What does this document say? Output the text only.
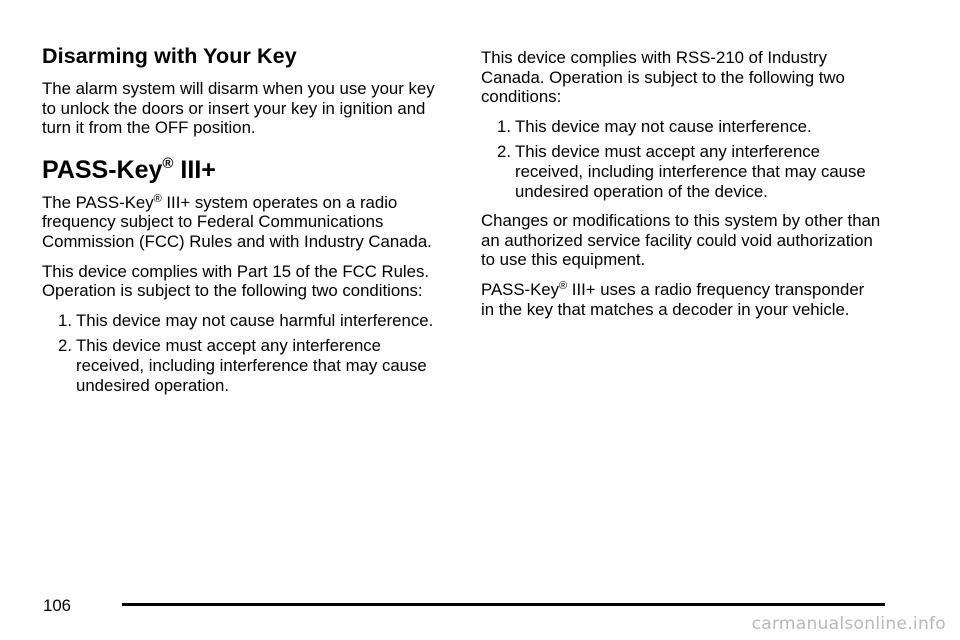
Disarming with Your Key

The alarm system will disarm when you use your key to unlock the doors or insert your key in ignition and turn it from the OFF position.

PASS-Key® III+

The PASS-Key® III+ system operates on a radio frequency subject to Federal Communications Commission (FCC) Rules and with Industry Canada.

This device complies with Part 15 of the FCC Rules. Operation is subject to the following two conditions:

1. This device may not cause harmful interference.
2. This device must accept any interference received, including interference that may cause undesired operation.

This device complies with RSS-210 of Industry Canada. Operation is subject to the following two conditions:

1. This device may not cause interference.
2. This device must accept any interference received, including interference that may cause undesired operation of the device.

Changes or modifications to this system by other than an authorized service facility could void authorization to use this equipment.

PASS-Key® III+ uses a radio frequency transponder in the key that matches a decoder in your vehicle.

106
carmanualsonline.info
